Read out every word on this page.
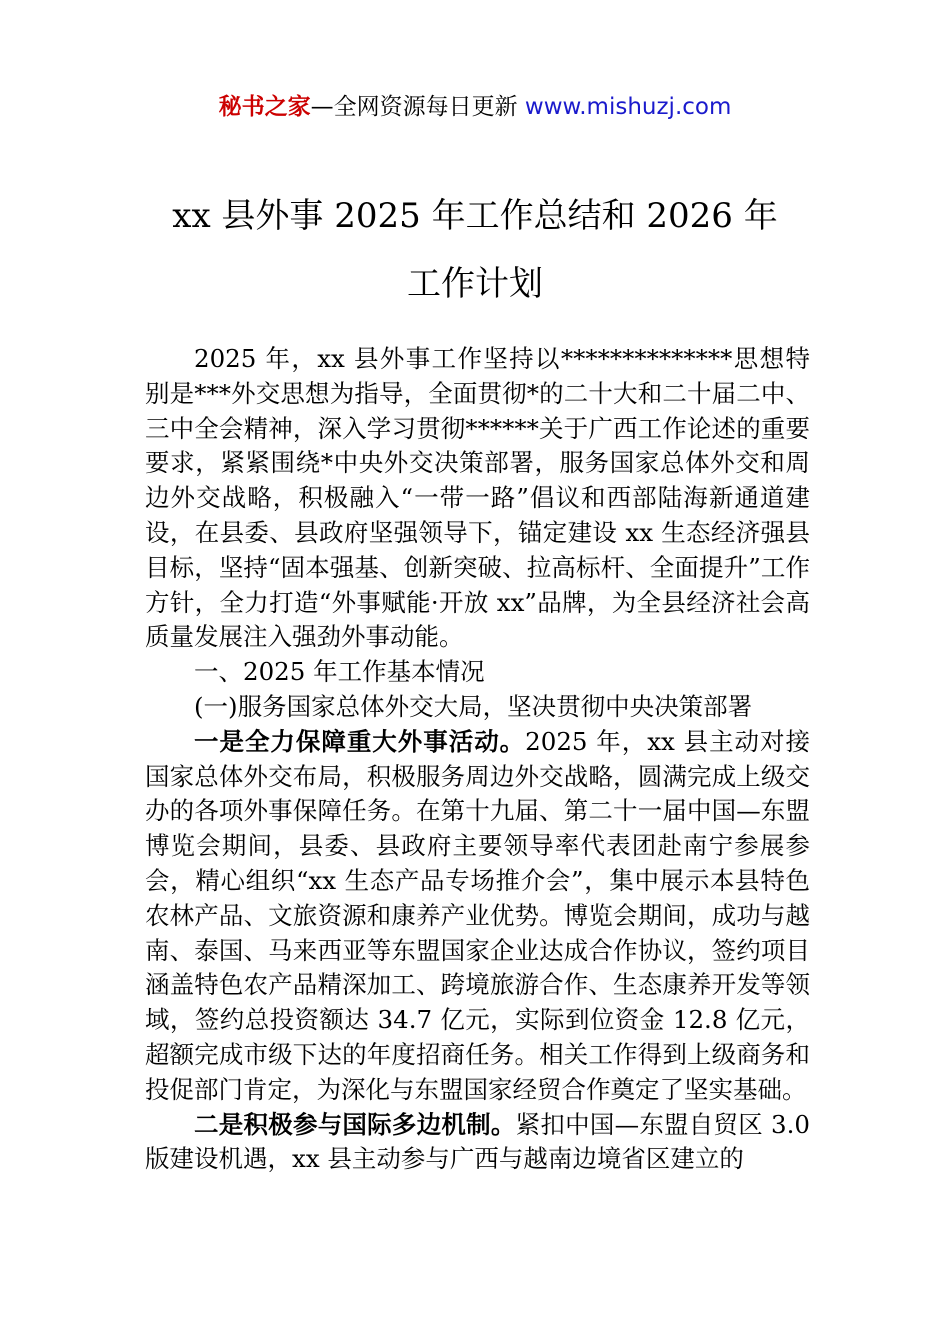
秘书之家—全网资源每日更新 www.mishuzj.com
xx 县外事 2025 年工作总结和 2026 年
工作计划

2025 年，xx 县外事工作坚持以**************思想特别是***外交思想为指导，全面贯彻*的二十大和二十届二中、三中全会精神，深入学习贯彻******关于广西工作论述的重要要求，紧紧围绕*中央外交决策部署，服务国家总体外交和周边外交战略，积极融入“一带一路”倡议和西部陆海新通道建设，在县委、县政府坚强领导下，锚定建设 xx 生态经济强县目标，坚持“固本强基、创新突破、拉高标杆、全面提升”工作方针，全力打造“外事赋能·开放 xx”品牌，为全县经济社会高质量发展注入强劲外事动能。

一、2025 年工作基本情况

(一)服务国家总体外交大局，坚决贯彻中央决策部署

一是全力保障重大外事活动。2025 年，xx 县主动对接国家总体外交布局，积极服务周边外交战略，圆满完成上级交办的各项外事保障任务。在第十九届、第二十一届中国—东盟博览会期间，县委、县政府主要领导率代表团赴南宁参展参会，精心组织“xx 生态产品专场推介会”，集中展示本县特色农林产品、文旅资源和康养产业优势。博览会期间，成功与越南、泰国、马来西亚等东盟国家企业达成合作协议，签约项目涵盖特色农产品精深加工、跨境旅游合作、生态康养开发等领域，签约总投资额达 34.7 亿元，实际到位资金 12.8 亿元，超额完成市级下达的年度招商任务。相关工作得到上级商务和投促部门肯定，为深化与东盟国家经贸合作奠定了坚实基础。

二是积极参与国际多边机制。紧扣中国—东盟自贸区 3.0 版建设机遇，xx 县主动参与广西与越南边境省区建立的
